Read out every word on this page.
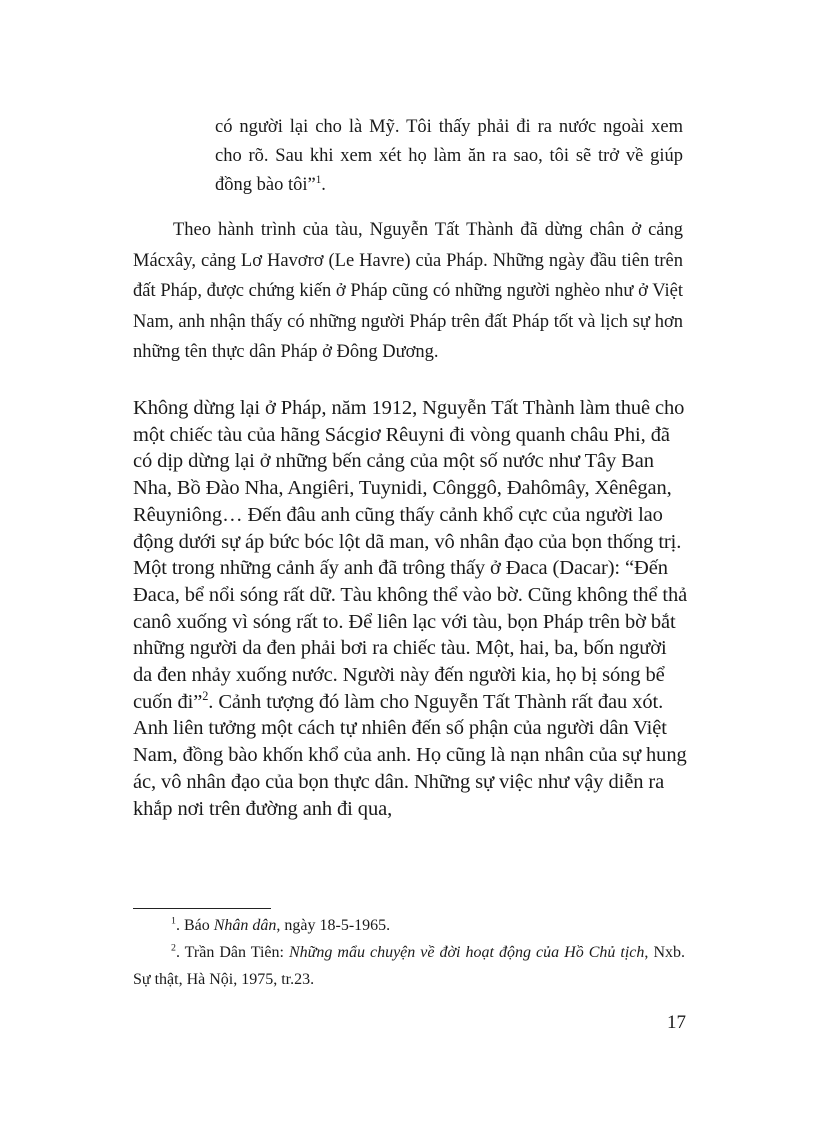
có người lại cho là Mỹ. Tôi thấy phải đi ra nước ngoài xem cho rõ. Sau khi xem xét họ làm ăn ra sao, tôi sẽ trở về giúp đồng bào tôi”$^1$.

Theo hành trình của tàu, Nguyễn Tất Thành đã dừng chân ở cảng Mácxây, cảng Lơ Havơrơ (Le Havre) của Pháp. Những ngày đầu tiên trên đất Pháp, được chứng kiến ở Pháp cũng có những người nghèo như ở Việt Nam, anh nhận thấy có những người Pháp trên đất Pháp tốt và lịch sự hơn những tên thực dân Pháp ở Đông Dương.

Không dừng lại ở Pháp, năm 1912, Nguyễn Tất Thành làm thuê cho một chiếc tàu của hãng Sácgiơ Rêuyni đi vòng quanh châu Phi, đã có dịp dừng lại ở những bến cảng của một số nước như Tây Ban Nha, Bồ Đào Nha, Angiêri, Tuynidi, Cônggô, Đahômây, Xênêgan, Rêuyniông… Đến đâu anh cũng thấy cảnh khổ cực của người lao động dưới sự áp bức bóc lột dã man, vô nhân đạo của bọn thống trị. Một trong những cảnh ấy anh đã trông thấy ở Đaca (Dacar): “Đến Đaca, bể nổi sóng rất dữ. Tàu không thể vào bờ. Cũng không thể thả canô xuống vì sóng rất to. Để liên lạc với tàu, bọn Pháp trên bờ bắt những người da đen phải bơi ra chiếc tàu. Một, hai, ba, bốn người da đen nhảy xuống nước. Người này đến người kia, họ bị sóng bể cuốn đi”$^2$. Cảnh tượng đó làm cho Nguyễn Tất Thành rất đau xót. Anh liên tưởng một cách tự nhiên đến số phận của người dân Việt Nam, đồng bào khốn khổ của anh. Họ cũng là nạn nhân của sự hung ác, vô nhân đạo của bọn thực dân. Những sự việc như vậy diễn ra khắp nơi trên đường anh đi qua,

$^1$. Báo Nhân dân, ngày 18-5-1965.
$^2$. Trần Dân Tiên: Những mẩu chuyện về đời hoạt động của Hồ Chủ tịch, Nxb. Sự thật, Hà Nội, 1975, tr.23.
17
